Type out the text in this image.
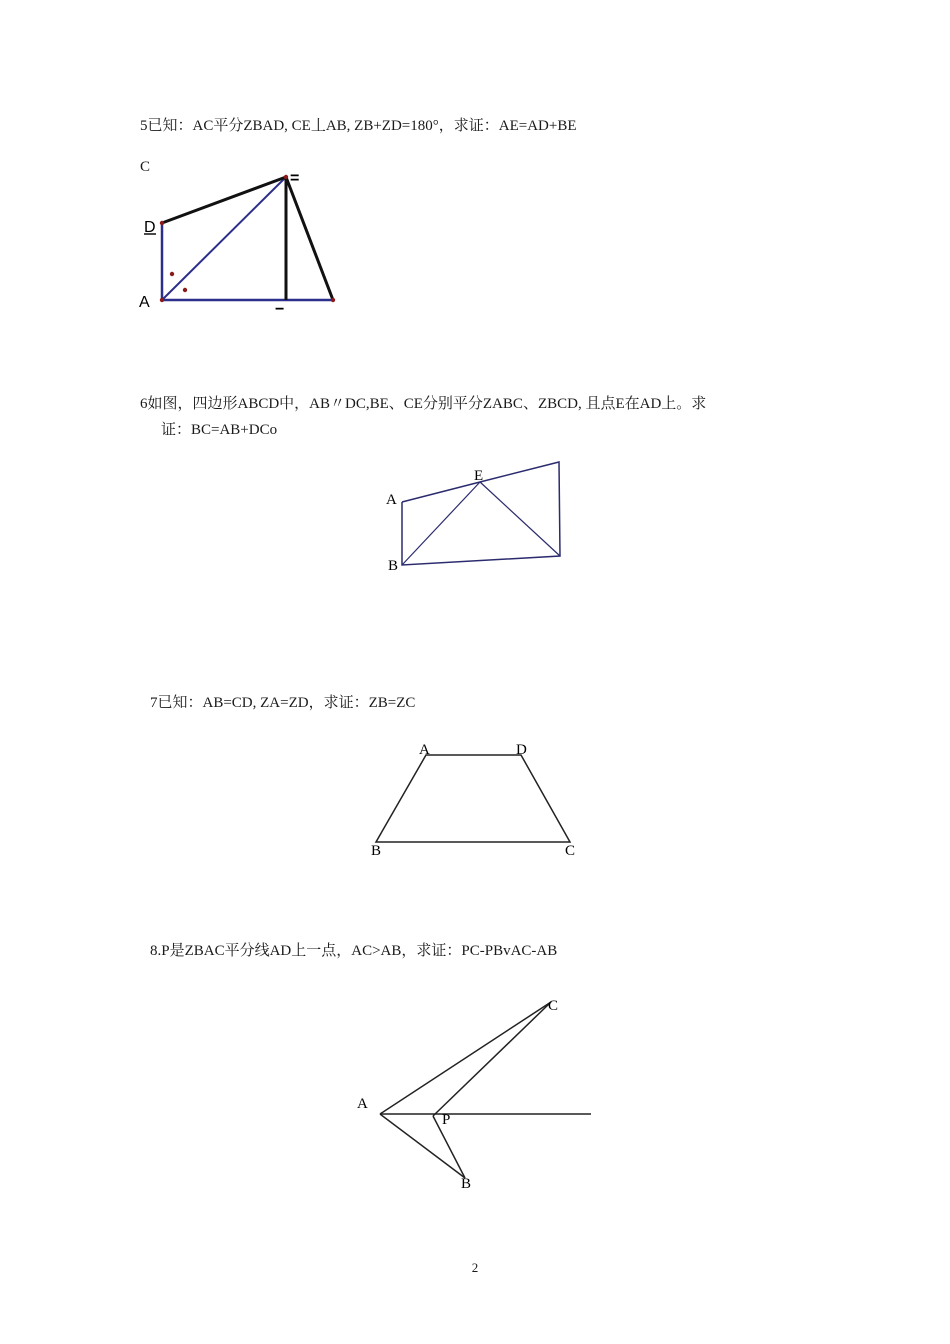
5已知：AC平分ZBAD, CE丄AB, ZB+ZD=180°，求证：AE=AD+BE
C
D
A
=
−
6如图，四边形ABCD中，AB〃DC,BE、CE分别平分ZABC、ZBCD, 且点E在AD上。求
证：BC=AB+DCo
A
E
B
7已知：AB=CD, ZA=ZD，求证：ZB=ZC
A	D
B	C
8.P是ZBAC平分线AD上一点，AC>AB，求证：PC-PBvAC-AB
A
P
B
C
2
